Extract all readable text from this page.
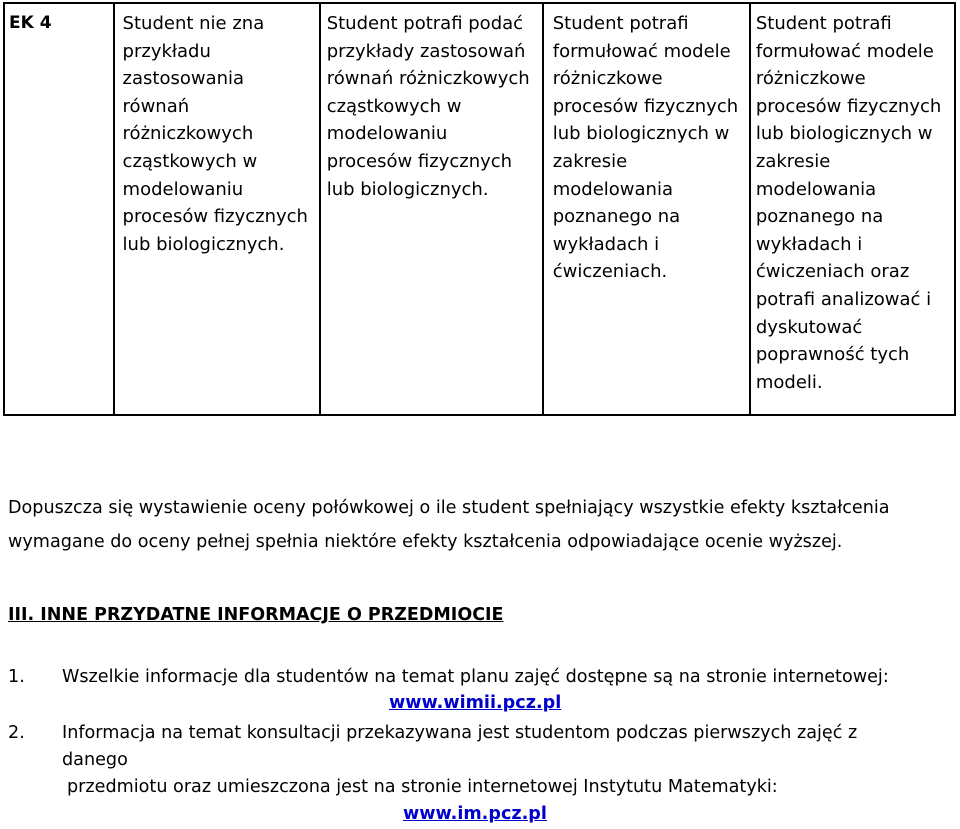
EK 4	Student nie zna przykładu zastosowania równań różniczkowych cząstkowych w modelowaniu procesów fizycznych lub biologicznych.
Student potrafi podać przykłady zastosowań równań różniczkowych cząstkowych w modelowaniu procesów fizycznych lub biologicznych.
Student potrafi formułować modele różniczkowe procesów fizycznych lub biologicznych w zakresie modelowania poznanego na wykładach i ćwiczeniach.
Student potrafi formułować modele różniczkowe procesów fizycznych lub biologicznych w zakresie modelowania poznanego na wykładach i ćwiczeniach oraz potrafi analizować i dyskutować poprawność tych modeli.
Dopuszcza się wystawienie oceny połówkowej o ile student spełniający wszystkie efekty kształcenia wymagane do oceny pełnej spełnia niektóre efekty kształcenia odpowiadające ocenie wyższej.
III. INNE PRZYDATNE INFORMACJE O PRZEDMIOCIE
1. Wszelkie informacje dla studentów na temat planu zajęć dostępne są na stronie internetowej:
www.wimii.pcz.pl
2. Informacja na temat konsultacji przekazywana jest studentom podczas pierwszych zajęć z
danego
przedmiotu oraz umieszczona jest na stronie internetowej Instytutu Matematyki:
www.im.pcz.pl
